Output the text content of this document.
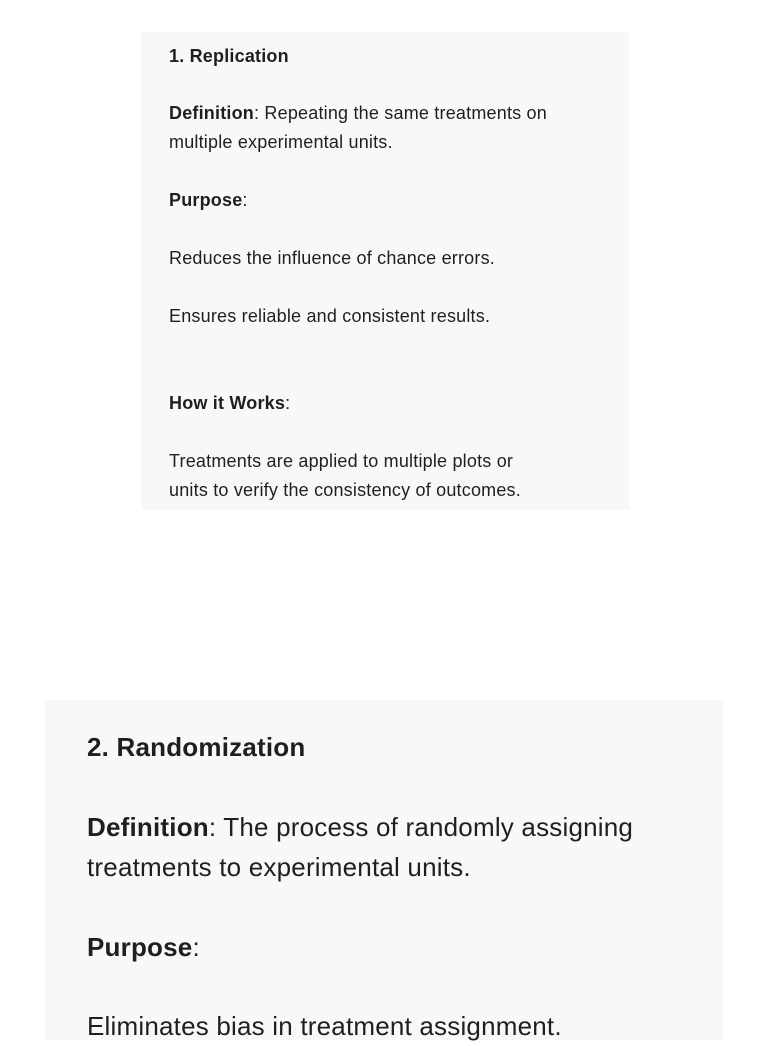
1. Replication
Definition: Repeating the same treatments on
multiple experimental units.
Purpose:
Reduces the influence of chance errors.
Ensures reliable and consistent results.
How it Works:
Treatments are applied to multiple plots or
units to verify the consistency of outcomes.
2. Randomization
Definition: The process of randomly assigning
treatments to experimental units.
Purpose:
Eliminates bias in treatment assignment.
